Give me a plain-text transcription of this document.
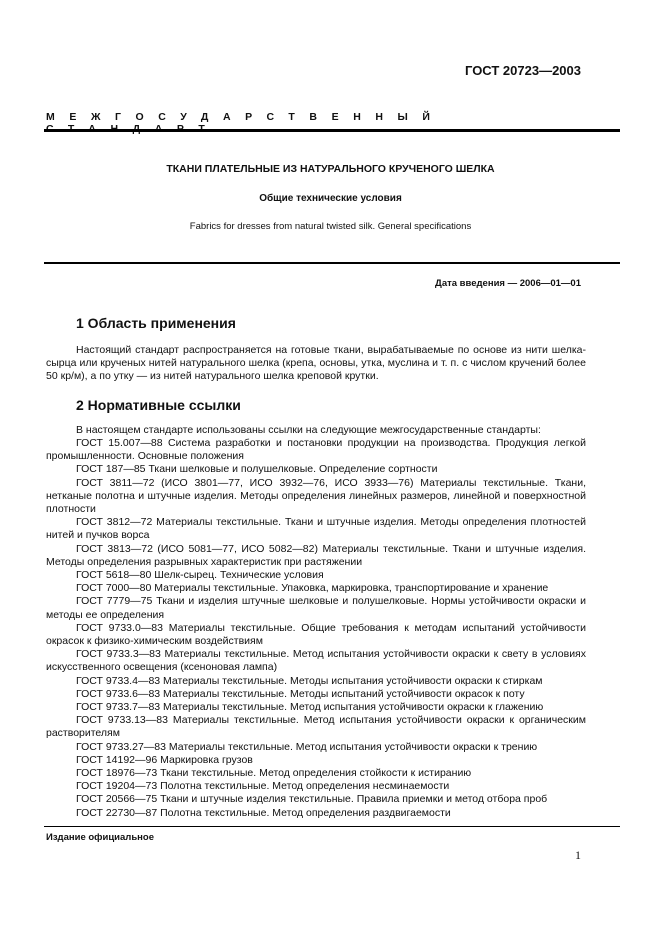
ГОСТ 20723—2003
МЕЖГОСУДАРСТВЕННЫЙ
ТКАНИ ПЛАТЕЛЬНЫЕ ИЗ НАТУРАЛЬНОГО КРУЧЕНОГО ШЕЛКА
Общие технические условия
Fabrics for dresses from natural twisted silk. General specifications
Дата введения — 2006—01—01
1 Область применения
Настоящий стандарт распространяется на готовые ткани, вырабатываемые по основе из нити шелка-сырца или крученых нитей натурального шелка (крепа, основы, утка, муслина и т. п. с числом кручений более 50 кр/м), а по утку — из нитей натурального шелка креповой крутки.
2 Нормативные ссылки
В настоящем стандарте использованы ссылки на следующие межгосударственные стандарты:
ГОСТ 15.007—88 Система разработки и постановки продукции на производства. Продукция легкой промышленности. Основные положения
ГОСТ 187—85 Ткани шелковые и полушелковые. Определение сортности
ГОСТ 3811—72 (ИСО 3801—77, ИСО 3932—76, ИСО 3933—76) Материалы текстильные. Ткани, нетканые полотна и штучные изделия. Методы определения линейных размеров, линейной и поверхностной плотности
ГОСТ 3812—72 Материалы текстильные. Ткани и штучные изделия. Методы определения плотностей нитей и пучков ворса
ГОСТ 3813—72 (ИСО 5081—77, ИСО 5082—82) Материалы текстильные. Ткани и штучные изделия. Методы определения разрывных характеристик при растяжении
ГОСТ 5618—80 Шелк-сырец. Технические условия
ГОСТ 7000—80 Материалы текстильные. Упаковка, маркировка, транспортирование и хранение
ГОСТ 7779—75 Ткани и изделия штучные шелковые и полушелковые. Нормы устойчивости окраски и методы ее определения
ГОСТ 9733.0—83 Материалы текстильные. Общие требования к методам испытаний устойчивости окрасок к физико-химическим воздействиям
ГОСТ 9733.3—83 Материалы текстильные. Метод испытания устойчивости окраски к свету в условиях искусственного освещения (ксеноновая лампа)
ГОСТ 9733.4—83 Материалы текстильные. Методы испытания устойчивости окраски к стиркам
ГОСТ 9733.6—83 Материалы текстильные. Методы испытаний устойчивости окрасок к поту
ГОСТ 9733.7—83 Материалы текстильные. Метод испытания устойчивости окраски к глажению
ГОСТ 9733.13—83 Материалы текстильные. Метод испытания устойчивости окраски к органическим растворителям
ГОСТ 9733.27—83 Материалы текстильные. Метод испытания устойчивости окраски к трению
ГОСТ 14192—96 Маркировка грузов
ГОСТ 18976—73 Ткани текстильные. Метод определения стойкости к истиранию
ГОСТ 19204—73 Полотна текстильные. Метод определения несминаемости
ГОСТ 20566—75 Ткани и штучные изделия текстильные. Правила приемки и метод отбора проб
ГОСТ 22730—87 Полотна текстильные. Метод определения раздвигаемости
Издание официальное
1
